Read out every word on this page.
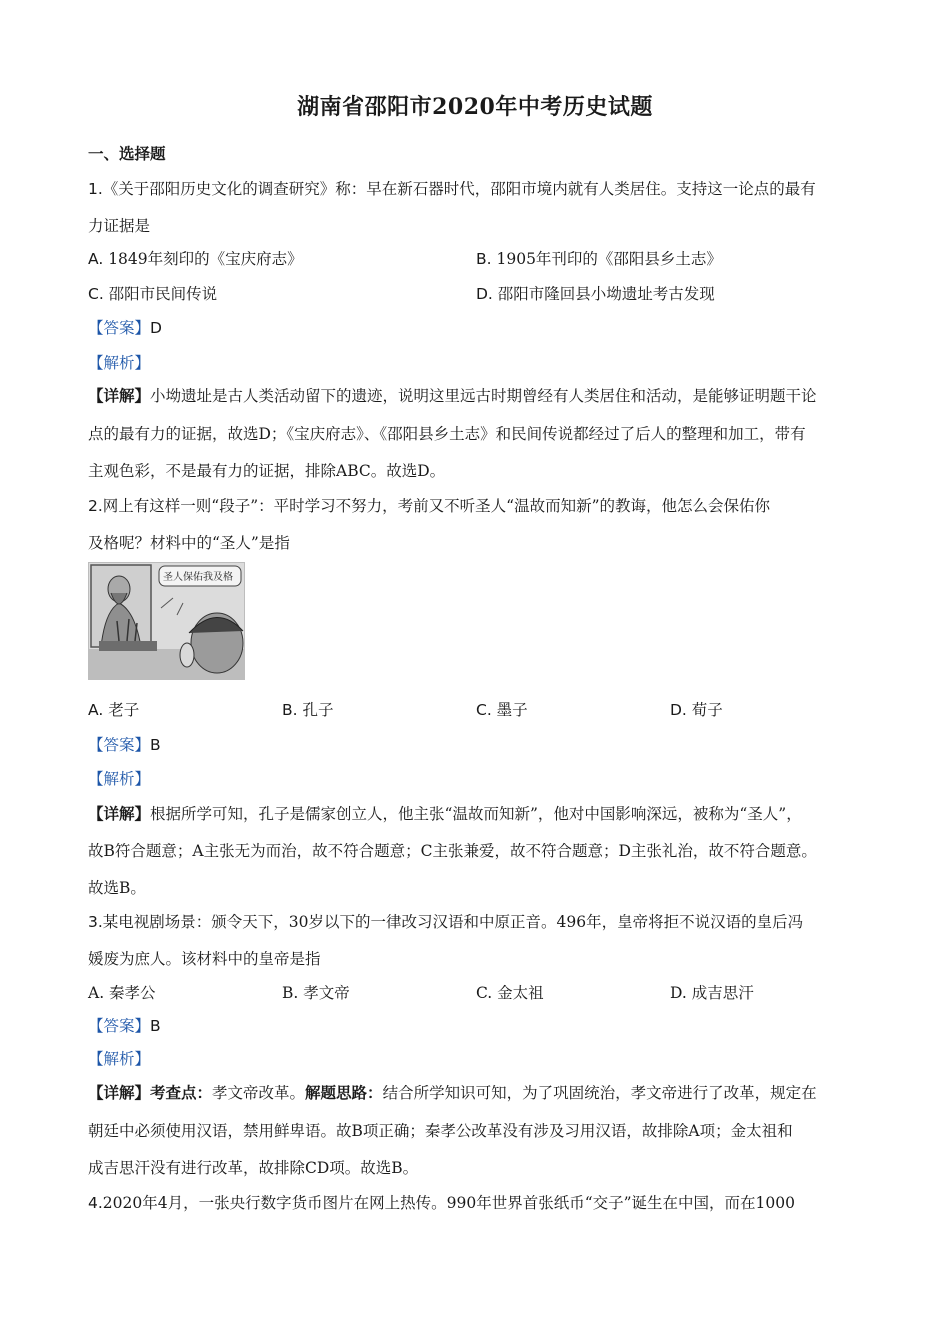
湖南省邵阳市2020年中考历史试题
一、选择题
1.《关于邵阳历史文化的调查研究》称：早在新石器时代，邵阳市境内就有人类居住。支持这一论点的最有
力证据是
A. 1849年刻印的《宝庆府志》	B. 1905年刊印的《邵阳县乡土志》
C. 邵阳市民间传说	D. 邵阳市隆回县小坳遗址考古发现
【答案】D
【解析】
【详解】小坳遗址是古人类活动留下的遗迹，说明这里远古时期曾经有人类居住和活动，是能够证明题干论
点的最有力的证据，故选D；《宝庆府志》、《邵阳县乡土志》和民间传说都经过了后人的整理和加工，带有
主观色彩，不是最有力的证据，排除ABC。故选D。
2.网上有这样一则“段子”：平时学习不努力，考前又不听圣人“温故而知新”的教诲，他怎么会保佑你
及格呢？材料中的“圣人”是指
圣人保佑我及格
A. 老子	B. 孔子	C. 墨子	D. 荀子
【答案】B
【解析】
【详解】根据所学可知，孔子是儒家创立人，他主张“温故而知新”，他对中国影响深远，被称为“圣人”，
故B符合题意；A主张无为而治，故不符合题意；C主张兼爱，故不符合题意；D主张礼治，故不符合题意。
故选B。
3.某电视剧场景：颁令天下，30岁以下的一律改习汉语和中原正音。496年，皇帝将拒不说汉语的皇后冯
媛废为庶人。该材料中的皇帝是指
A. 秦孝公	B. 孝文帝	C. 金太祖	D. 成吉思汗
【答案】B
【解析】
【详解】考查点：孝文帝改革。解题思路：结合所学知识可知，为了巩固统治，孝文帝进行了改革，规定在
朝廷中必须使用汉语，禁用鲜卑语。故B项正确；秦孝公改革没有涉及习用汉语，故排除A项；金太祖和
成吉思汗没有进行改革，故排除CD项。故选B。
4.2020年4月，一张央行数字货币图片在网上热传。990年世界首张纸币“交子”诞生在中国，而在1000
